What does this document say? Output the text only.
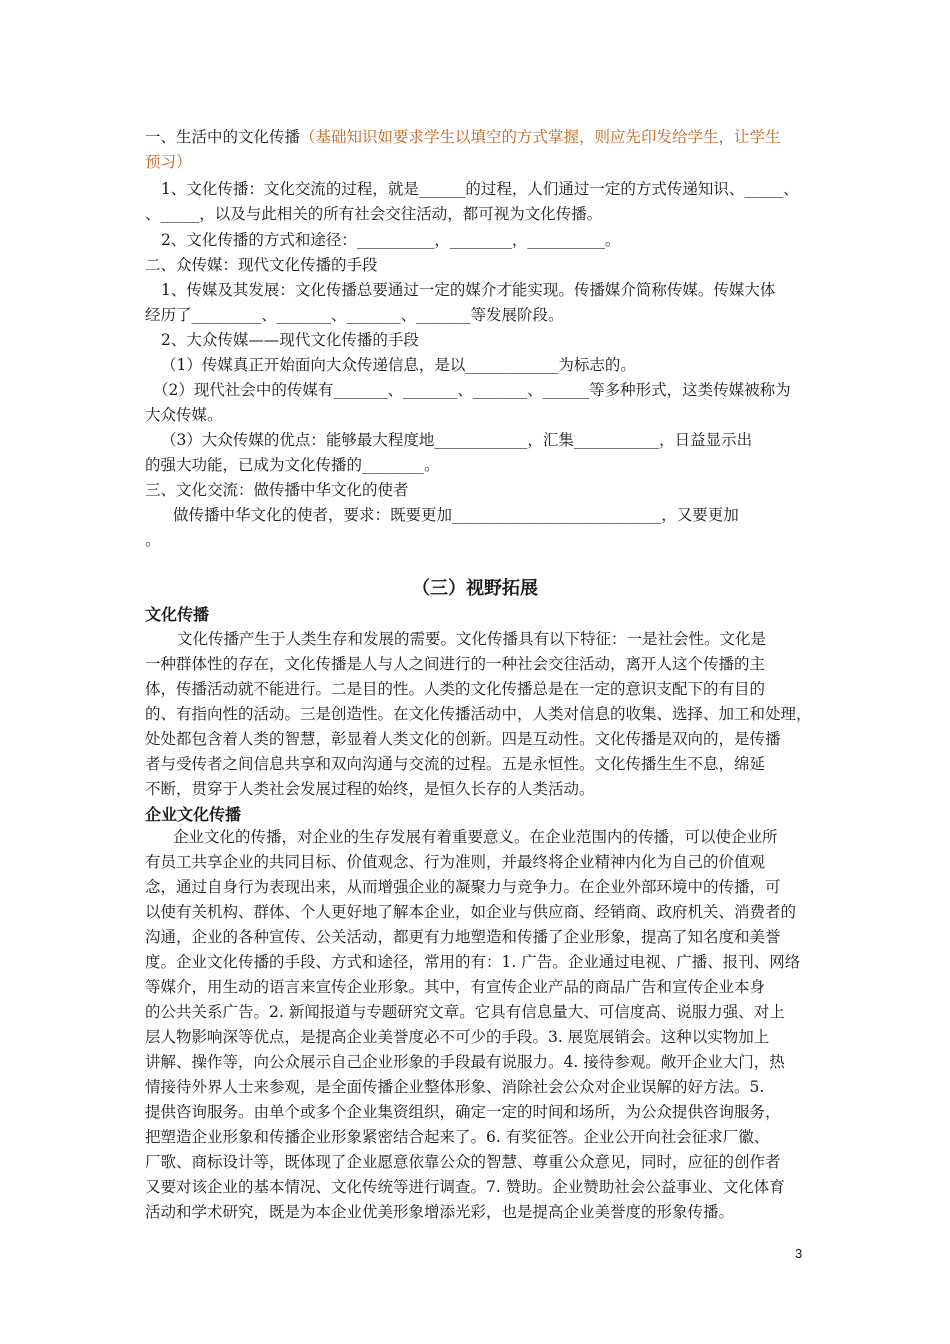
一、生活中的文化传播（基础知识如要求学生以填空的方式掌握，则应先印发给学生，让学生
预习）
1、文化传播：文化交流的过程，就是______的过程，人们通过一定的方式传递知识、_____、
、_____，以及与此相关的所有社会交往活动，都可视为文化传播。
2、文化传播的方式和途径：__________，________，__________。
二、众传媒：现代文化传播的手段
1、传媒及其发展：文化传播总要通过一定的媒介才能实现。传播媒介简称传媒。传媒大体
经历了_________、_______、_______、_______等发展阶段。
2、大众传媒——现代文化传播的手段
（1）传媒真正开始面向大众传递信息，是以____________为标志的。
（2）现代社会中的传媒有_______、_______、_______、______等多种形式，这类传媒被称为
大众传媒。
（3）大众传媒的优点：能够最大程度地____________，汇集___________，日益显示出
的强大功能，已成为文化传播的________。
三、文化交流：做传播中华文化的使者
做传播中华文化的使者，要求：既要更加___________________________，又要更加
。
（三）视野拓展
文化传播
文化传播产生于人类生存和发展的需要。文化传播具有以下特征：一是社会性。文化是
一种群体性的存在，文化传播是人与人之间进行的一种社会交往活动，离开人这个传播的主
体，传播活动就不能进行。二是目的性。人类的文化传播总是在一定的意识支配下的有目的
的、有指向性的活动。三是创造性。在文化传播活动中，人类对信息的收集、选择、加工和处理，
处处都包含着人类的智慧，彰显着人类文化的创新。四是互动性。文化传播是双向的，是传播
者与受传者之间信息共享和双向沟通与交流的过程。五是永恒性。文化传播生生不息，绵延
不断，贯穿于人类社会发展过程的始终，是恒久长存的人类活动。
企业文化传播
企业文化的传播，对企业的生存发展有着重要意义。在企业范围内的传播，可以使企业所
有员工共享企业的共同目标、价值观念、行为准则，并最终将企业精神内化为自己的价值观
念，通过自身行为表现出来，从而增强企业的凝聚力与竞争力。在企业外部环境中的传播，可
以使有关机构、群体、个人更好地了解本企业，如企业与供应商、经销商、政府机关、消费者的
沟通，企业的各种宣传、公关活动，都更有力地塑造和传播了企业形象，提高了知名度和美誉
度。企业文化传播的手段、方式和途径，常用的有：1. 广告。企业通过电视、广播、报刊、网络
等媒介，用生动的语言来宣传企业形象。其中，有宣传企业产品的商品广告和宣传企业本身
的公共关系广告。2. 新闻报道与专题研究文章。它具有信息量大、可信度高、说服力强、对上
层人物影响深等优点，是提高企业美誉度必不可少的手段。3. 展览展销会。这种以实物加上
讲解、操作等，向公众展示自己企业形象的手段最有说服力。4. 接待参观。敞开企业大门，热
情接待外界人士来参观，是全面传播企业整体形象、消除社会公众对企业误解的好方法。5.
提供咨询服务。由单个或多个企业集资组织，确定一定的时间和场所，为公众提供咨询服务，
把塑造企业形象和传播企业形象紧密结合起来了。6. 有奖征答。企业公开向社会征求厂徽、
厂歌、商标设计等，既体现了企业愿意依靠公众的智慧、尊重公众意见，同时，应征的创作者
又要对该企业的基本情况、文化传统等进行调查。7. 赞助。企业赞助社会公益事业、文化体育
活动和学术研究，既是为本企业优美形象增添光彩，也是提高企业美誉度的形象传播。
3
